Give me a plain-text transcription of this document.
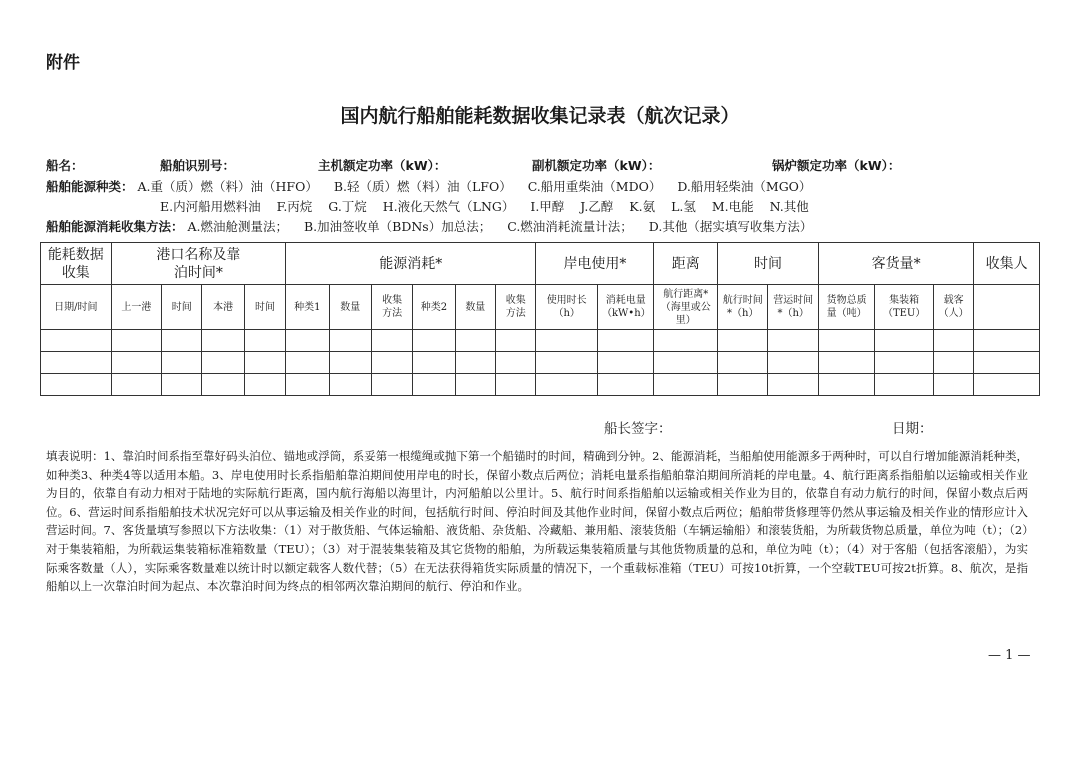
附件
国内航行船舶能耗数据收集记录表（航次记录）
船名：	船舶识别号：	主机额定功率（kW）：	副机额定功率（kW）：	锅炉额定功率（kW）：
船舶能源种类： A.重（质）燃（料）油（HFO） B.轻（质）燃（料）油（LFO） C.船用重柴油（MDO） D.船用轻柴油（MGO）
E.内河船用燃料油 F.丙烷 G.丁烷 H.液化天然气（LNG） I.甲醇 J.乙醇 K.氨 L.氢 M.电能 N.其他
船舶能源消耗收集方法： A.燃油舱测量法； B.加油签收单（BDNs）加总法； C.燃油消耗流量计法； D.其他（据实填写收集方法）
能耗数据收集	港口名称及靠泊时间*				能源消耗*						岸电使用*		距离	时间		客货量*			收集人
日期/时间	上一港	时间	本港	时间	种类1	数量	收集方法	种类2	数量	收集方法	使用时长（h）	消耗电量（kW•h）	航行距离*（海里或公里）	航行时间*（h）	营运时间*（h）	货物总质量（吨）	集装箱（TEU）	载客（人）	

船长签字：	日期：
填表说明：1、靠泊时间系指至靠好码头泊位、锚地或浮筒，系妥第一根缆绳或抛下第一个船锚时的时间，精确到分钟。2、能源消耗，当船舶使用能源多于两种时，可以自行增加能源消耗种类，如种类3、种类4等以适用本船。3、岸电使用时长系指船舶靠泊期间使用岸电的时长，保留小数点后两位；消耗电量系指船舶靠泊期间所消耗的岸电量。4、航行距离系指船舶以运输或相关作业为目的，依靠自有动力相对于陆地的实际航行距离，国内航行海船以海里计，内河船舶以公里计。5、航行时间系指船舶以运输或相关作业为目的，依靠自有动力航行的时间，保留小数点后两位。6、营运时间系指船舶技术状况完好可以从事运输及相关作业的时间，包括航行时间、停泊时间及其他作业时间，保留小数点后两位；船舶带货修理等仍然从事运输及相关作业的情形应计入营运时间。7、客货量填写参照以下方法收集：（1）对于散货船、气体运输船、液货船、杂货船、冷藏船、兼用船、滚装货船（车辆运输船）和滚装货船，为所载货物总质量，单位为吨（t）；（2）对于集装箱船，为所载运集装箱标准箱数量（TEU）；（3）对于混装集装箱及其它货物的船舶，为所载运集装箱质量与其他货物质量的总和，单位为吨（t）；（4）对于客船（包括客滚船），为实际乘客数量（人），实际乘客数量难以统计时以额定载客人数代替；（5）在无法获得箱货实际质量的情况下，一个重载标准箱（TEU）可按10t折算，一个空载TEU可按2t折算。8、航次，是指船舶以上一次靠泊时间为起点、本次靠泊时间为终点的相邻两次靠泊期间的航行、停泊和作业。
— 1 —
